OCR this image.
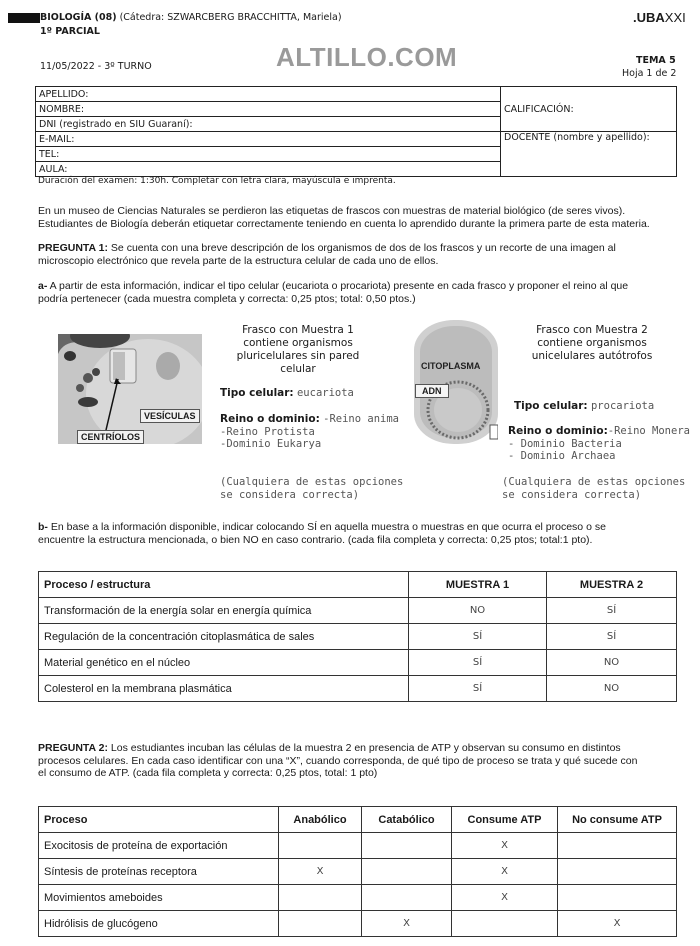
BIOLOGÍA (08) (Cátedra: SZWARCBERG BRACCHITTA, Mariela)
1º PARCIAL
11/05/2022 - 3º TURNO	ALTILLO.COM
.UBAXXI
TEMA 5
Hoja 1 de 2
APELLIDO:	CALIFICACIÓN:
NOMBRE:	
DNI (registrado en SIU Guaraní):	
E-MAIL:	DOCENTE (nombre y apellido):
TEL:	
AULA:	
Duración del examen: 1:30h. Completar con letra clara, mayúscula e imprenta.
En un museo de Ciencias Naturales se perdieron las etiquetas de frascos con muestras de material biológico (de seres vivos).
Estudiantes de Biología deberán etiquetar correctamente teniendo en cuenta lo aprendido durante la primera parte de esta materia.
PREGUNTA 1: Se cuenta con una breve descripción de los organismos de dos de los frascos y un recorte de una imagen al
microscopio electrónico que revela parte de la estructura celular de cada uno de ellos.
a- A partir de esta información, indicar el tipo celular (eucariota o procariota) presente en cada frasco y proponer el reino al que
podría pertenecer (cada muestra completa y correcta: 0,25 ptos; total: 0,50 ptos.)
VESÍCULAS
CENTRÍOLOS
Frasco con Muestra 1
contiene organismos
pluricelulares sin pared celular
Tipo celular: eucariota
Reino o dominio: -Reino anima
-Reino Protista
-Dominio Eukarya
(Cualquiera de estas opciones
se considera correcta)
CITOPLASMA
ADN
Frasco con Muestra 2
contiene organismos
unicelulares autótrofos
Tipo celular: procariota
Reino o dominio:-Reino Monera
- Dominio Bacteria
- Dominio Archaea
(Cualquiera de estas opciones
se considera correcta)
b- En base a la información disponible, indicar colocando SÍ en aquella muestra o muestras en que ocurra el proceso o se
encuentre la estructura mencionada, o bien NO en caso contrario. (cada fila completa y correcta: 0,25 ptos; total:1 pto).
Proceso / estructura	MUESTRA 1	MUESTRA 2
Transformación de la energía solar en energía química	NO	SÍ
Regulación de la concentración citoplasmática de sales	SÍ	SÍ
Material genético en el núcleo	SÍ	NO
Colesterol en la membrana plasmática	SÍ	NO
PREGUNTA 2: Los estudiantes incuban las células de la muestra 2 en presencia de ATP y observan su consumo en distintos
procesos celulares. En cada caso identificar con una “X”, cuando corresponda, de qué tipo de proceso se trata y qué sucede con
el consumo de ATP. (cada fila completa y correcta: 0,25 ptos, total: 1 pto)
Proceso	Anabólico	Catabólico	Consume ATP	No consume ATP
Exocitosis de proteína de exportación			X	
Síntesis de proteínas receptora	X		X	
Movimientos ameboides			X	
Hidrólisis de glucógeno		X		X
